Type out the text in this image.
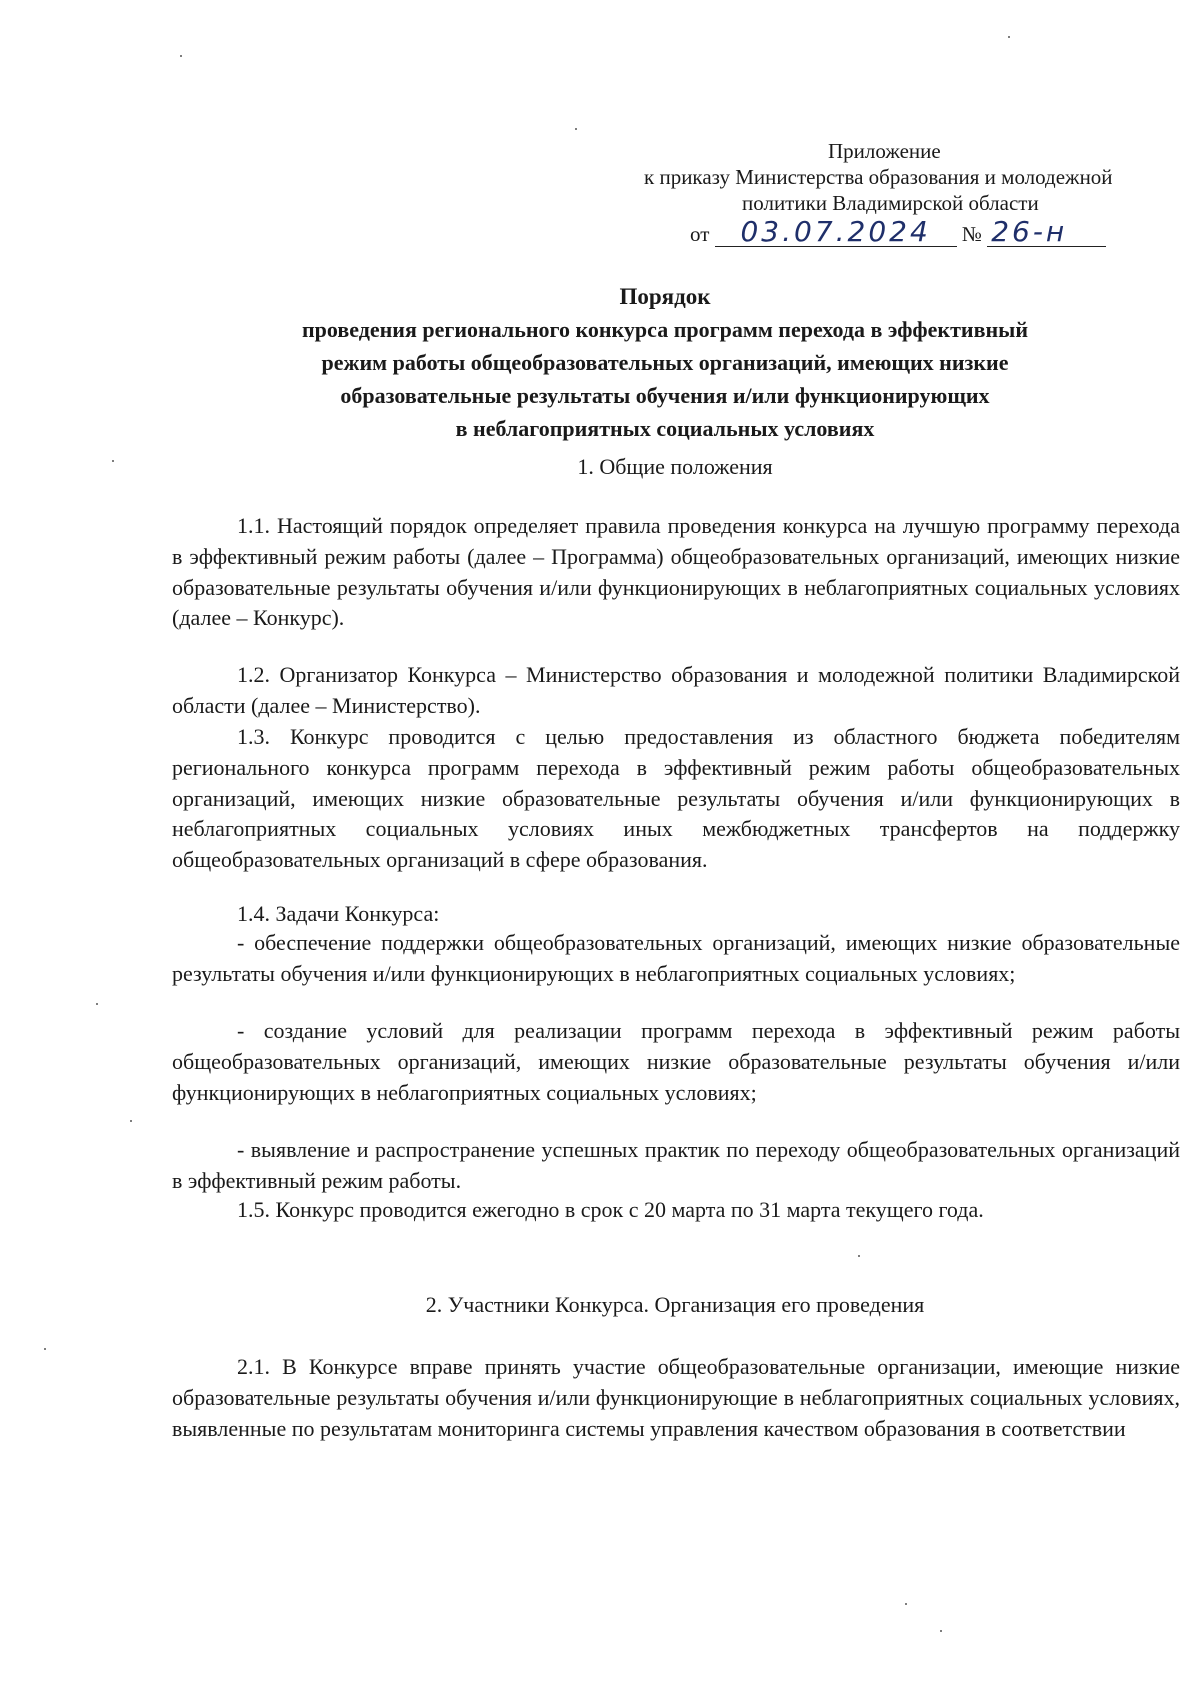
Приложение
к приказу Министерства образования и молодежной
политики Владимирской области
от 03.07.2024 № 26-н
Порядок
проведения регионального конкурса программ перехода в эффективный
режим работы общеобразовательных организаций, имеющих низкие
образовательные результаты обучения и/или функционирующих
в неблагоприятных социальных условиях
1. Общие положения
1.1. Настоящий порядок определяет правила проведения конкурса на лучшую программу перехода в эффективный режим работы (далее – Программа) общеобразовательных организаций, имеющих низкие образовательные результаты обучения и/или функционирующих в неблагоприятных социальных условиях (далее – Конкурс).
1.2. Организатор Конкурса – Министерство образования и молодежной политики Владимирской области (далее – Министерство).
1.3. Конкурс проводится с целью предоставления из областного бюджета победителям регионального конкурса программ перехода в эффективный режим работы общеобразовательных организаций, имеющих низкие образовательные результаты обучения и/или функционирующих в неблагоприятных социальных условиях иных межбюджетных трансфертов на поддержку общеобразовательных организаций в сфере образования.
1.4. Задачи Конкурса:
- обеспечение поддержки общеобразовательных организаций, имеющих низкие образовательные результаты обучения и/или функционирующих в неблагоприятных социальных условиях;
- создание условий для реализации программ перехода в эффективный режим работы общеобразовательных организаций, имеющих низкие образовательные результаты обучения и/или функционирующих в неблагоприятных социальных условиях;
- выявление и распространение успешных практик по переходу общеобразовательных организаций в эффективный режим работы.
1.5. Конкурс проводится ежегодно в срок с 20 марта по 31 марта текущего года.
2. Участники Конкурса. Организация его проведения
2.1. В Конкурсе вправе принять участие общеобразовательные организации, имеющие низкие образовательные результаты обучения и/или функционирующие в неблагоприятных социальных условиях, выявленные по результатам мониторинга системы управления качеством образования в соответствии
